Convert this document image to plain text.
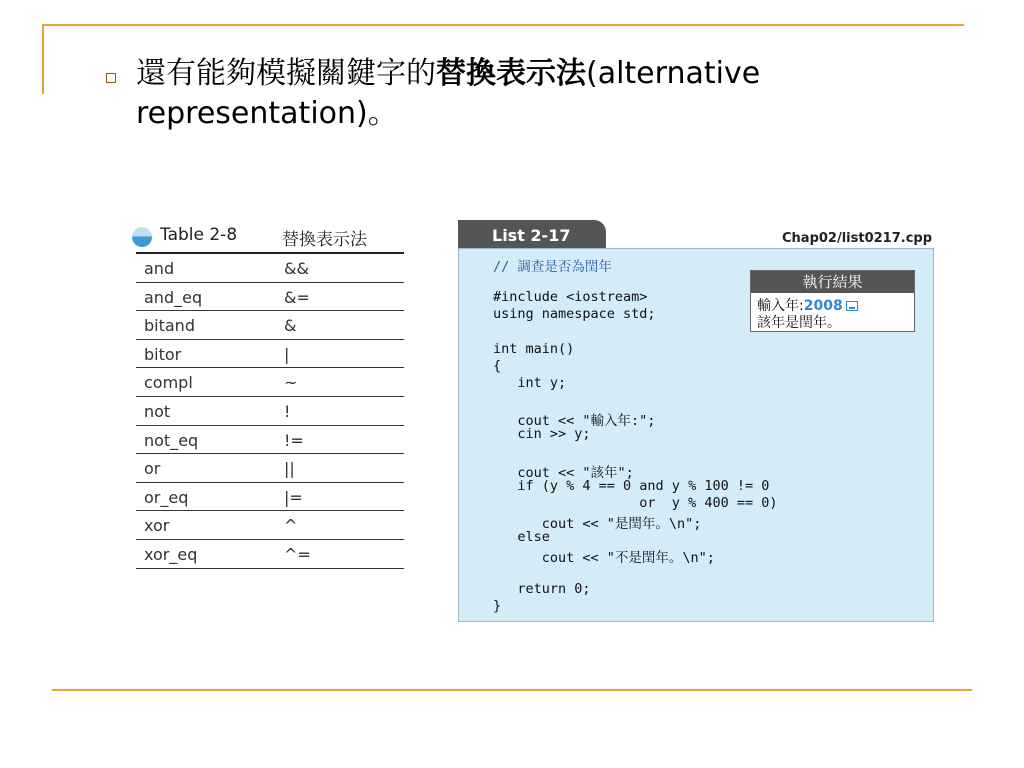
還有能夠模擬關鍵字的替換表示法(alternative representation)。
Table 2-8	替換表示法
and	&&
and_eq	&=
bitand	&
bitor	|
compl	~
not	!
not_eq	!=
or	||
or_eq	|=
xor	^
xor_eq	^=
List 2-17	Chap02/list0217.cpp
// 調查是否為閏年
#include <iostream>
using namespace std;
int main()
{
int y;
cout << "輸入年:";
cin >> y;
cout << "該年";
if (y % 4 == 0 and y % 100 != 0
or  y % 400 == 0)
cout << "是閏年。\n";
else
cout << "不是閏年。\n";
return 0;
}
執行結果
輸入年:2008
該年是閏年。
